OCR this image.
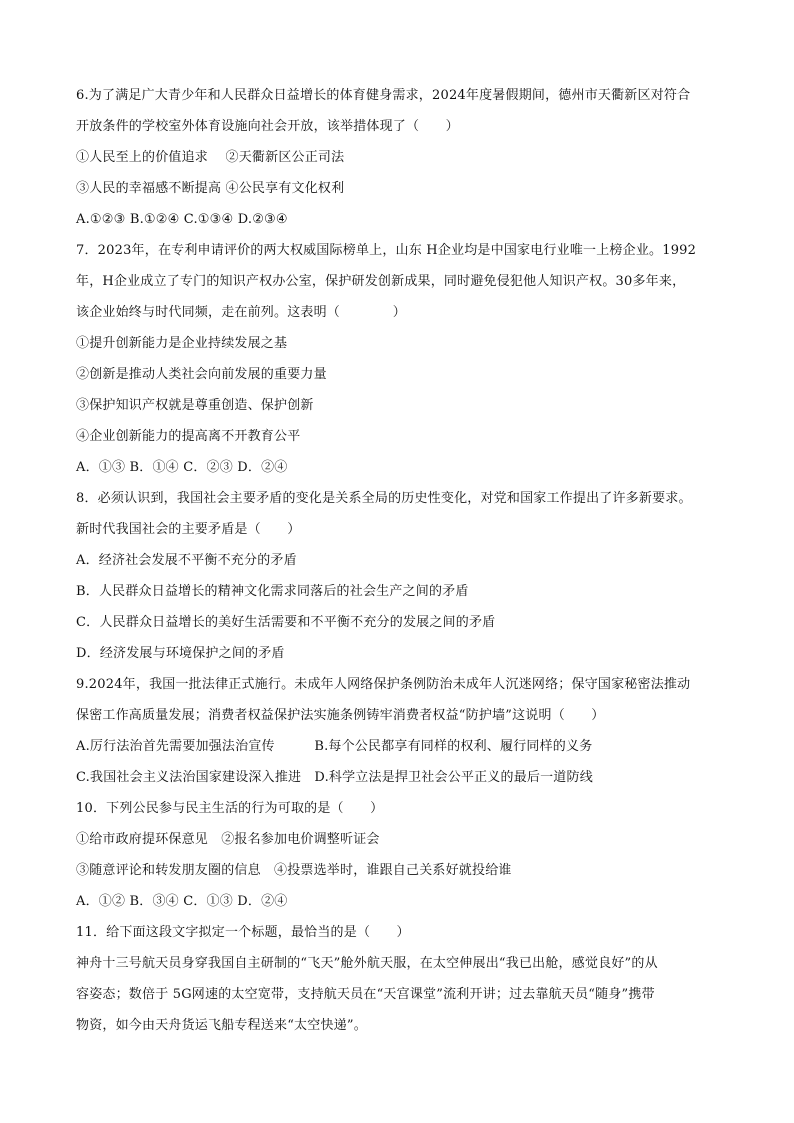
6.为了满足广大青少年和人民群众日益增长的体育健身需求，2024年度暑假期间，德州市天衢新区对符合
开放条件的学校室外体育设施向社会开放，该举措体现了（　　）
①人民至上的价值追求　 ②天衢新区公正司法
③人民的幸福感不断提高 ④公民享有文化权利
A.①②③ B.①②④ C.①③④ D.②③④
7．2023年，在专利申请评价的两大权威国际榜单上，山东 H企业均是中国家电行业唯一上榜企业。1992
年，H企业成立了专门的知识产权办公室，保护研发创新成果，同时避免侵犯他人知识产权。30多年来，
该企业始终与时代同频，走在前列。这表明（　　　　）
①提升创新能力是企业持续发展之基
②创新是推动人类社会向前发展的重要力量
③保护知识产权就是尊重创造、保护创新
④企业创新能力的提高离不开教育公平
A．①③ B．①④ C．②③ D．②④
8．必须认识到，我国社会主要矛盾的变化是关系全局的历史性变化，对党和国家工作提出了许多新要求。
新时代我国社会的主要矛盾是（　　）
A．经济社会发展不平衡不充分的矛盾
B．人民群众日益增长的精神文化需求同落后的社会生产之间的矛盾
C．人民群众日益增长的美好生活需要和不平衡不充分的发展之间的矛盾
D．经济发展与环境保护之间的矛盾
9.2024年，我国一批法律正式施行。未成年人网络保护条例防治未成年人沉迷网络；保守国家秘密法推动
保密工作高质量发展；消费者权益保护法实施条例铸牢消费者权益“防护墙”这说明（　　）
A.厉行法治首先需要加强法治宣传　　　B.每个公民都享有同样的权利、履行同样的义务
C.我国社会主义法治国家建设深入推进　D.科学立法是捍卫社会公平正义的最后一道防线
10．下列公民参与民主生活的行为可取的是（　　）
①给市政府提环保意见　②报名参加电价调整听证会
③随意评论和转发朋友圈的信息　④投票选举时，谁跟自己关系好就投给谁
A．①② B．③④ C．①③ D．②④
11．给下面这段文字拟定一个标题，最恰当的是（　　）
神舟十三号航天员身穿我国自主研制的“飞天”舱外航天服，在太空伸展出“我已出舱，感觉良好”的从
容姿态；数倍于 5G网速的太空宽带，支持航天员在“天宫课堂”流利开讲；过去靠航天员“随身”携带
物资，如今由天舟货运飞船专程送来“太空快递”。
